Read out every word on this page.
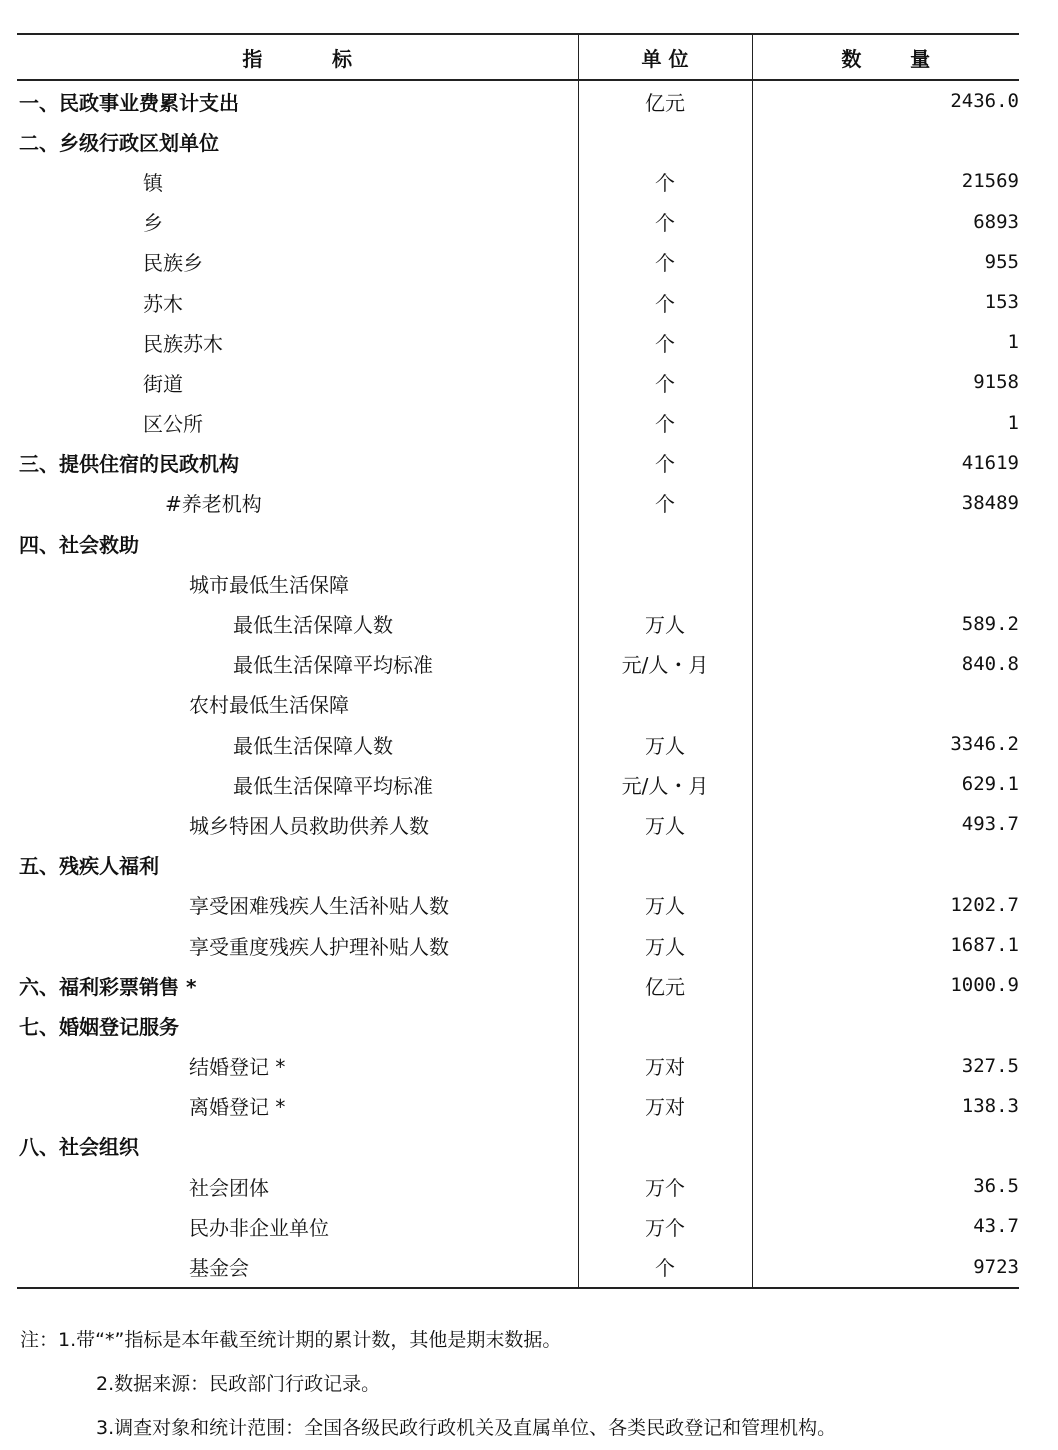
指          标	单 位	数       量
一、民政事业费累计支出	亿元	2436.0
二、乡级行政区划单位		
镇	个	21569
乡	个	6893
民族乡	个	955
苏木	个	153
民族苏木	个	1
街道	个	9158
区公所	个	1
三、提供住宿的民政机构	个	41619
#养老机构	个	38489
四、社会救助		
城市最低生活保障		
最低生活保障人数	万人	589.2
最低生活保障平均标准	元/人・月	840.8
农村最低生活保障		
最低生活保障人数	万人	3346.2
最低生活保障平均标准	元/人・月	629.1
城乡特困人员救助供养人数	万人	493.7
五、残疾人福利		
享受困难残疾人生活补贴人数	万人	1202.7
享受重度残疾人护理补贴人数	万人	1687.1
六、福利彩票销售 *	亿元	1000.9
七、婚姻登记服务		
结婚登记 *	万对	327.5
离婚登记 *	万对	138.3
八、社会组织		
社会团体	万个	36.5
民办非企业单位	万个	43.7
基金会	个	9723
注：1.带“*”指标是本年截至统计期的累计数，其他是期末数据。
2.数据来源：民政部门行政记录。
3.调查对象和统计范围：全国各级民政行政机关及直属单位、各类民政登记和管理机构。
